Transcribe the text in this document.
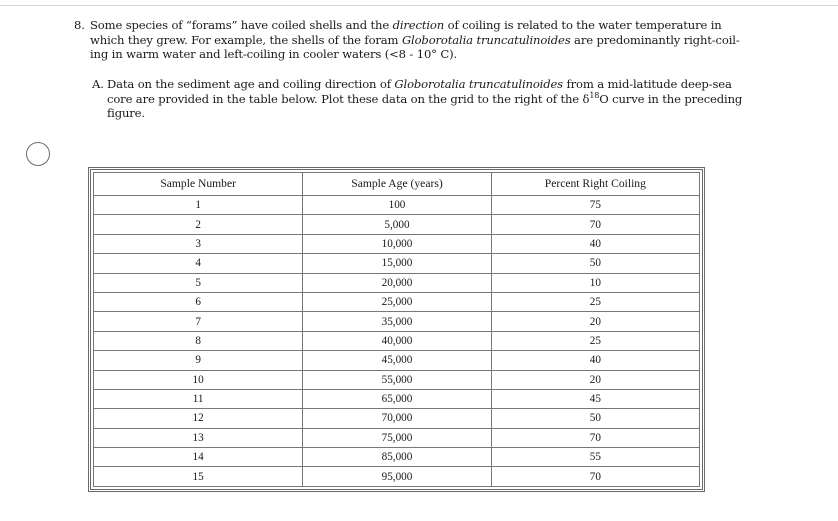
8. Some species of “forams” have coiled shells and the direction of coiling is related to the water temperature in
which they grew. For example, the shells of the foram Globorotalia truncatulinoides are predominantly right-coil-
ing in warm water and left-coiling in cooler waters (<8 - 10° C).
A. Data on the sediment age and coiling direction of Globorotalia truncatulinoides from a mid-latitude deep-sea
core are provided in the table below. Plot these data on the grid to the right of the $\delta^{18}O$ curve in the preceding
figure.
Sample Number	Sample Age (years)	Percent Right Coiling
1	100	75
2	5,000	70
3	10,000	40
4	15,000	50
5	20,000	10
6	25,000	25
7	35,000	20
8	40,000	25
9	45,000	40
10	55,000	20
11	65,000	45
12	70,000	50
13	75,000	70
14	85,000	55
15	95,000	70
